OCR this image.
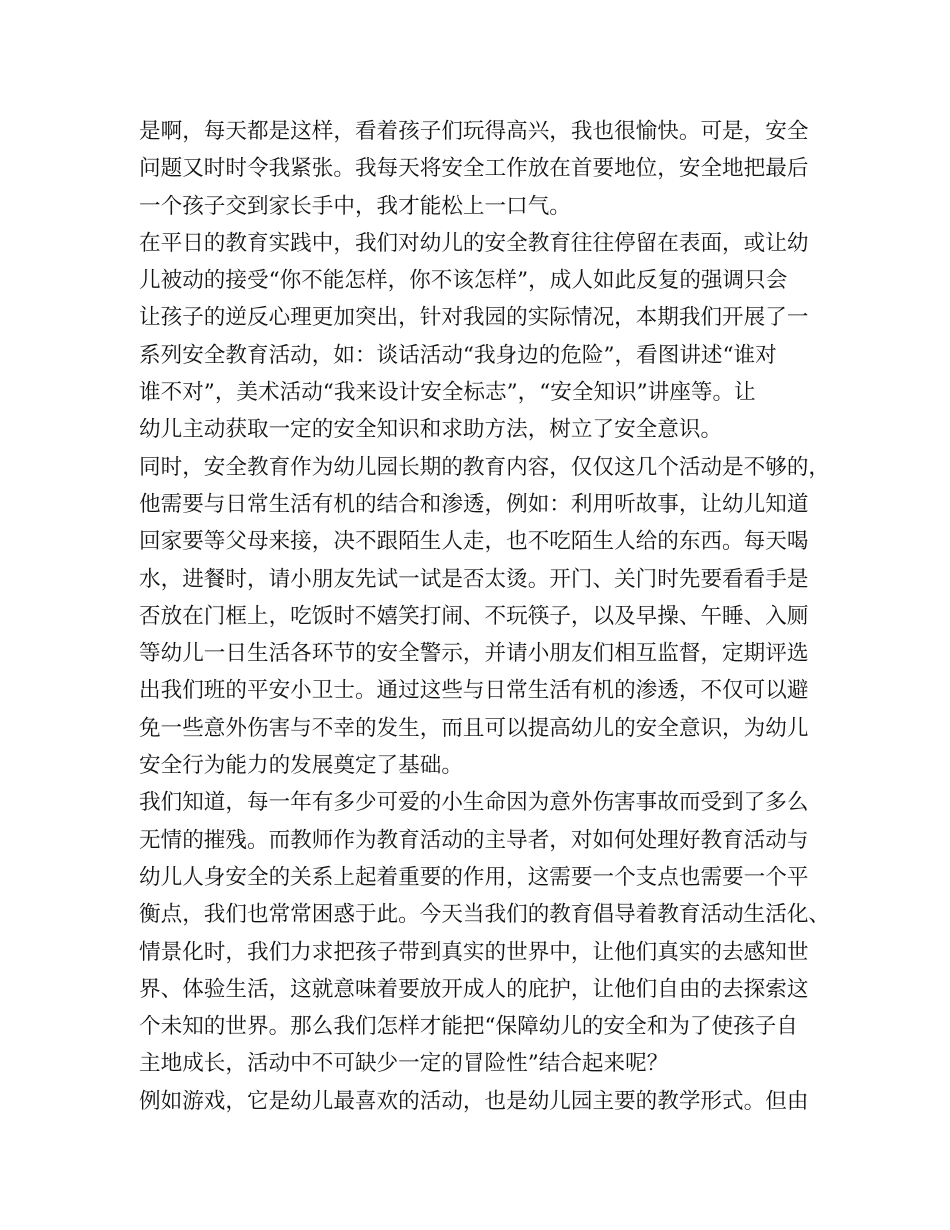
是啊，每天都是这样，看着孩子们玩得高兴，我也很愉快。可是，安全
问题又时时令我紧张。我每天将安全工作放在首要地位，安全地把最后
一个孩子交到家长手中，我才能松上一口气。
在平日的教育实践中，我们对幼儿的安全教育往往停留在表面，或让幼
儿被动的接受“你不能怎样，你不该怎样”，成人如此反复的强调只会
让孩子的逆反心理更加突出，针对我园的实际情况，本期我们开展了一
系列安全教育活动，如：谈话活动“我身边的危险”，看图讲述“谁对
谁不对”，美术活动“我来设计安全标志”，“安全知识”讲座等。让
幼儿主动获取一定的安全知识和求助方法，树立了安全意识。
同时，安全教育作为幼儿园长期的教育内容，仅仅这几个活动是不够的，
他需要与日常生活有机的结合和渗透，例如：利用听故事，让幼儿知道
回家要等父母来接，决不跟陌生人走，也不吃陌生人给的东西。每天喝
水，进餐时，请小朋友先试一试是否太烫。开门、关门时先要看看手是
否放在门框上，吃饭时不嬉笑打闹、不玩筷子，以及早操、午睡、入厕
等幼儿一日生活各环节的安全警示，并请小朋友们相互监督，定期评选
出我们班的平安小卫士。通过这些与日常生活有机的渗透，不仅可以避
免一些意外伤害与不幸的发生，而且可以提高幼儿的安全意识，为幼儿
安全行为能力的发展奠定了基础。
我们知道，每一年有多少可爱的小生命因为意外伤害事故而受到了多么
无情的摧残。而教师作为教育活动的主导者，对如何处理好教育活动与
幼儿人身安全的关系上起着重要的作用，这需要一个支点也需要一个平
衡点，我们也常常困惑于此。今天当我们的教育倡导着教育活动生活化、
情景化时，我们力求把孩子带到真实的世界中，让他们真实的去感知世
界、体验生活，这就意味着要放开成人的庇护，让他们自由的去探索这
个未知的世界。那么我们怎样才能把“保障幼儿的安全和为了使孩子自
主地成长，活动中不可缺少一定的冒险性”结合起来呢？
例如游戏，它是幼儿最喜欢的活动，也是幼儿园主要的教学形式。但由
